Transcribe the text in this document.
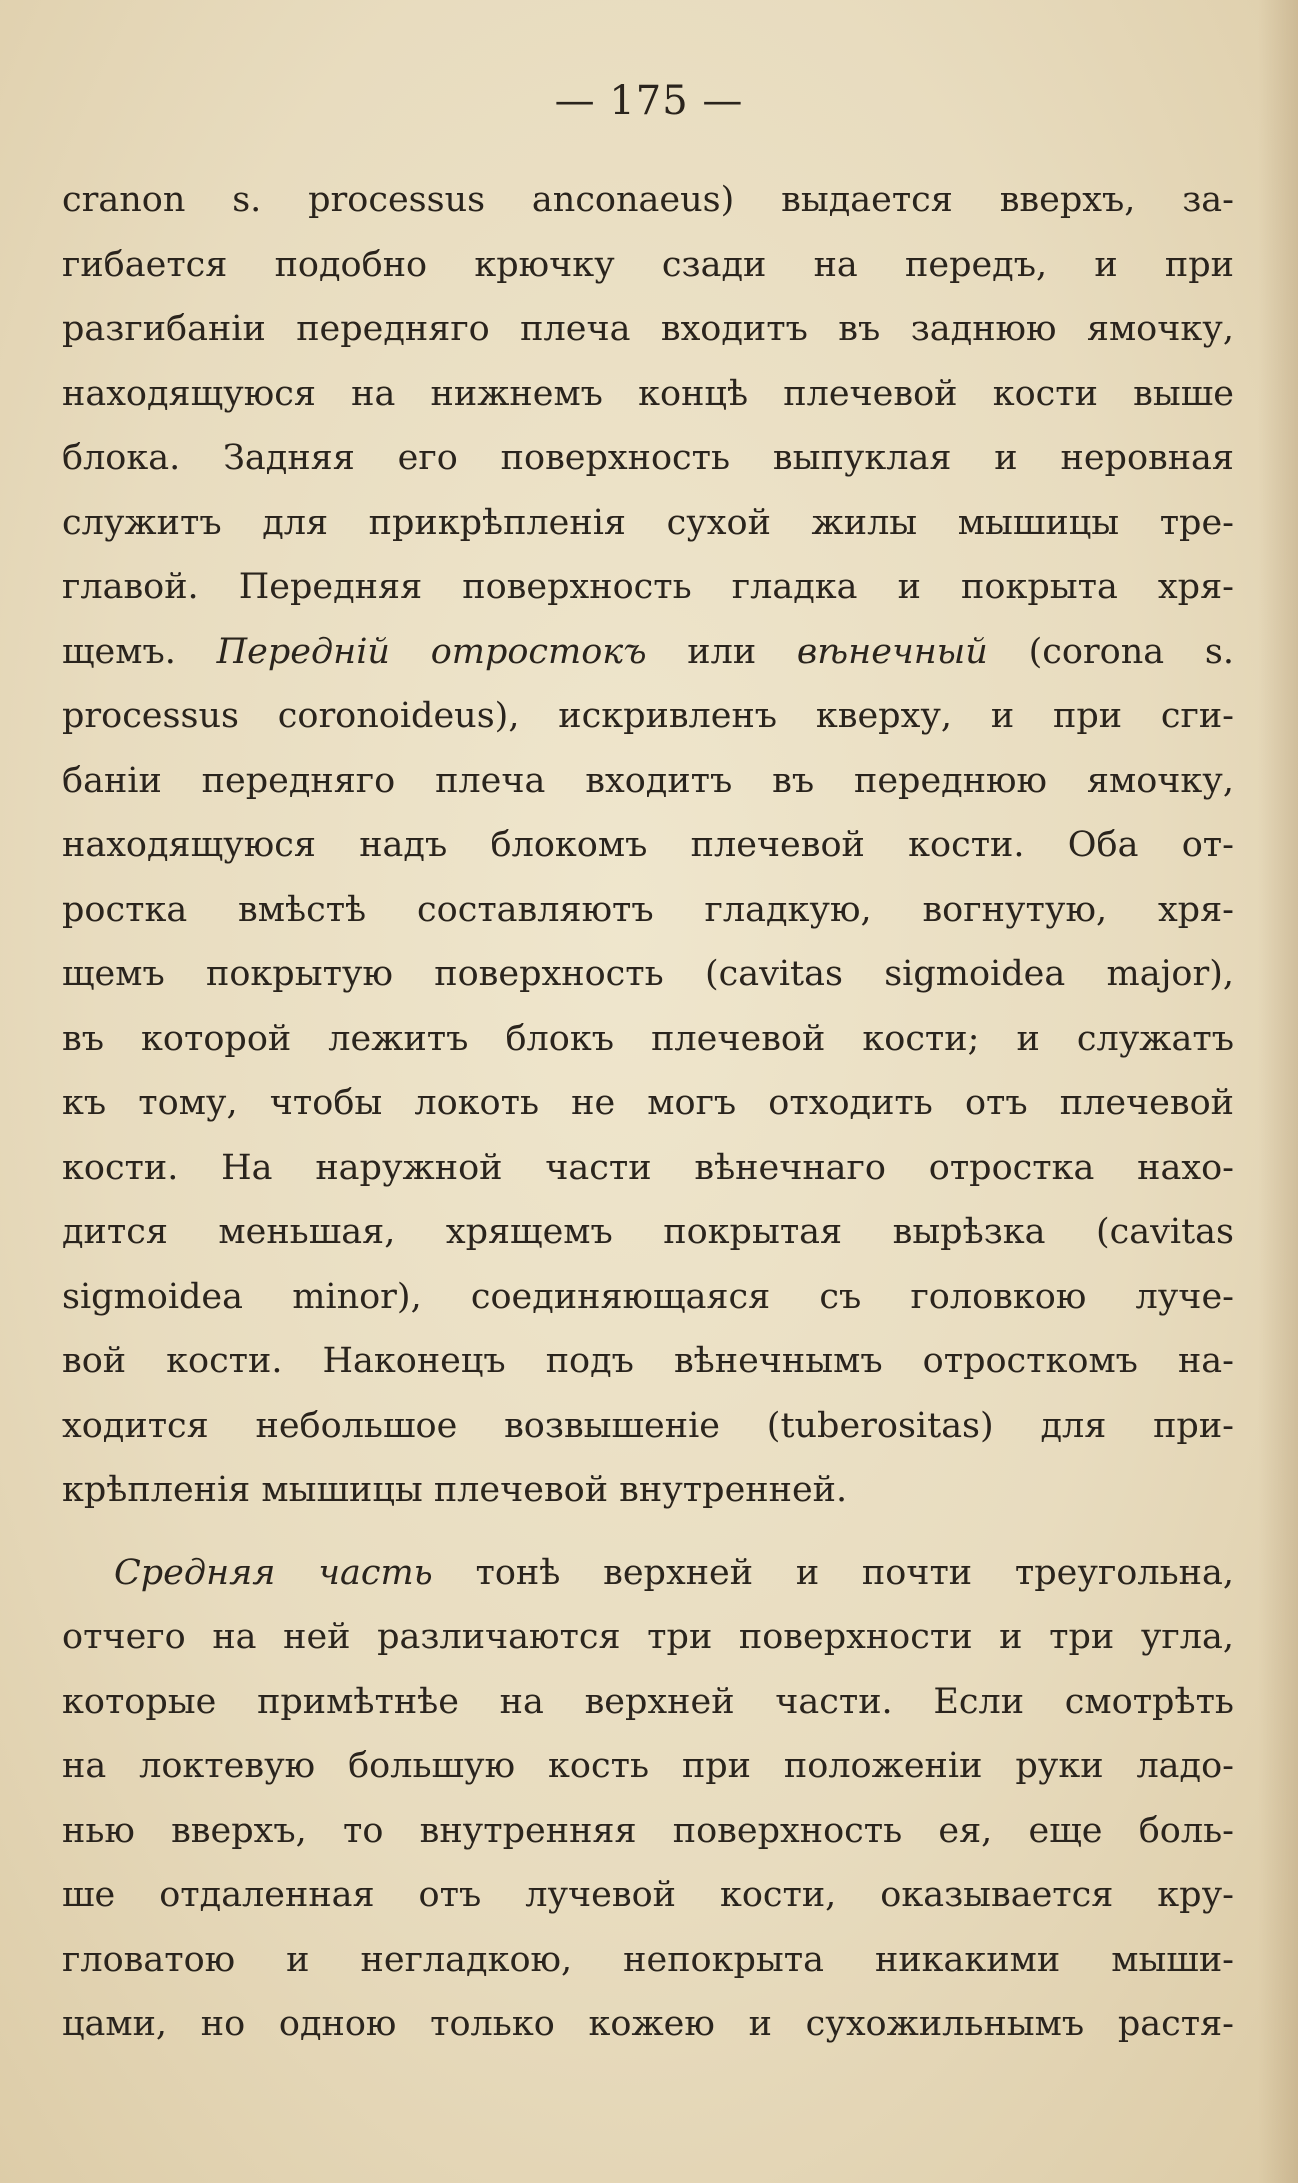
— 175 —
cranon s. processus anconaeus) выдается вверхъ, за-
гибается подобно крючку сзади на передъ, и при
разгибаніи передняго плеча входитъ въ заднюю ямочку,
находящуюся на нижнемъ концѣ плечевой кости выше
блока. Задняя его поверхность выпуклая и неровная
служитъ для прикрѣпленія сухой жилы мышицы тре-
главой. Передняя поверхность гладка и покрыта хря-
щемъ. Передній отростокъ или вѣнечный (corona s.
processus coronoideus), искривленъ кверху, и при сги-
баніи передняго плеча входитъ въ переднюю ямочку,
находящуюся надъ блокомъ плечевой кости. Оба от-
ростка вмѣстѣ составляютъ гладкую, вогнутую, хря-
щемъ покрытую поверхность (cavitas sigmoidea major),
въ которой лежитъ блокъ плечевой кости; и служатъ
къ тому, чтобы локоть не могъ отходить отъ плечевой
кости. На наружной части вѣнечнаго отростка нахо-
дится меньшая, хрящемъ покрытая вырѣзка (cavitas
sigmoidea minor), соединяющаяся съ головкою луче-
вой кости. Наконецъ подъ вѣнечнымъ отросткомъ на-
ходится небольшое возвышеніе (tuberositas) для при-
крѣпленія мышицы плечевой внутренней.
Средняя часть тонѣ верхней и почти треугольна,
отчего на ней различаются три поверхности и три угла,
которые примѣтнѣе на верхней части. Если смотрѣть
на локтевую большую кость при положеніи руки ладо-
нью вверхъ, то внутренняя поверхность ея, еще боль-
ше отдаленная отъ лучевой кости, оказывается кру-
гловатою и негладкою, непокрыта никакими мыши-
цами, но одною только кожею и сухожильнымъ растя-
